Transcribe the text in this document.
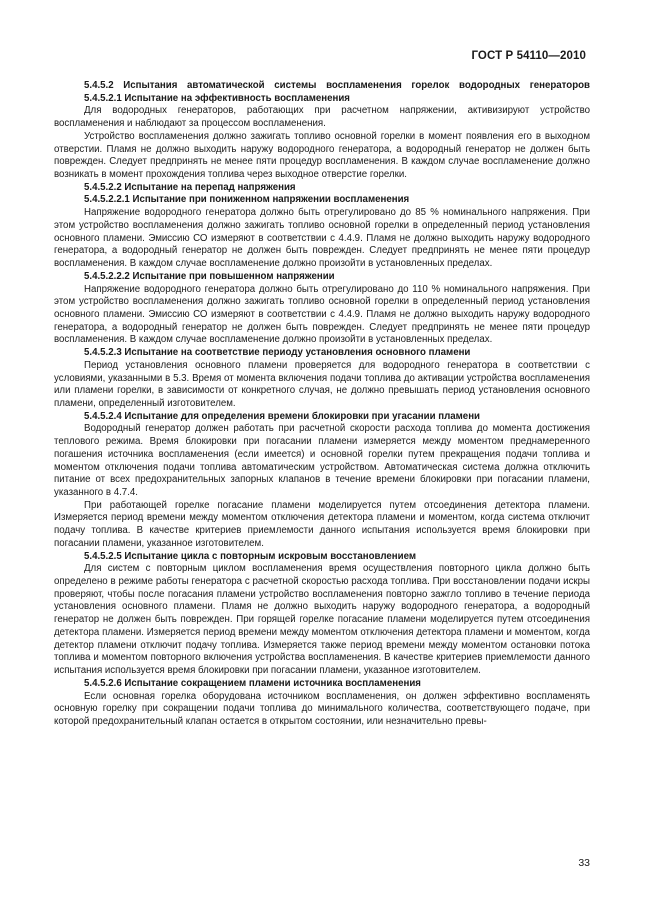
ГОСТ Р 54110—2010

5.4.5.2 Испытания автоматической системы воспламенения горелок водородных генераторов

5.4.5.2.1 Испытание на эффективность воспламенения

Для водородных генераторов, работающих при расчетном напряжении, активизируют устройство воспламенения и наблюдают за процессом воспламенения.

Устройство воспламенения должно зажигать топливо основной горелки в момент появления его в выходном отверстии. Пламя не должно выходить наружу водородного генератора, а водородный генератор не должен быть поврежден. Следует предпринять не менее пяти процедур воспламенения. В каждом случае воспламенение должно возникать в момент прохождения топлива через выходное отверстие горелки.

5.4.5.2.2 Испытание на перепад напряжения

5.4.5.2.2.1 Испытание при пониженном напряжении воспламенения

Напряжение водородного генератора должно быть отрегулировано до 85 % номинального напряжения. При этом устройство воспламенения должно зажигать топливо основной горелки в определенный период установления основного пламени. Эмиссию СО измеряют в соответствии с 4.4.9. Пламя не должно выходить наружу водородного генератора, а водородный генератор не должен быть поврежден. Следует предпринять не менее пяти процедур воспламенения. В каждом случае воспламенение должно произойти в установленных пределах.

5.4.5.2.2.2 Испытание при повышенном напряжении

Напряжение водородного генератора должно быть отрегулировано до 110 % номинального напряжения. При этом устройство воспламенения должно зажигать топливо основной горелки в определенный период установления основного пламени. Эмиссию СО измеряют в соответствии с 4.4.9. Пламя не должно выходить наружу водородного генератора, а водородный генератор не должен быть поврежден. Следует предпринять не менее пяти процедур воспламенения. В каждом случае воспламенение должно произойти в установленных пределах.

5.4.5.2.3 Испытание на соответствие периоду установления основного пламени

Период установления основного пламени проверяется для водородного генератора в соответствии с условиями, указанными в 5.3. Время от момента включения подачи топлива до активации устройства воспламенения или пламени горелки, в зависимости от конкретного случая, не должно превышать период установления основного пламени, определенный изготовителем.

5.4.5.2.4 Испытание для определения времени блокировки при угасании пламени

Водородный генератор должен работать при расчетной скорости расхода топлива до момента достижения теплового режима. Время блокировки при погасании пламени измеряется между моментом преднамеренного погашения источника воспламенения (если имеется) и основной горелки путем прекращения подачи топлива и моментом отключения подачи топлива автоматическим устройством. Автоматическая система должна отключить питание от всех предохранительных запорных клапанов в течение времени блокировки при погасании пламени, указанного в 4.7.4.

При работающей горелке погасание пламени моделируется путем отсоединения детектора пламени. Измеряется период времени между моментом отключения детектора пламени и моментом, когда система отключит подачу топлива. В качестве критериев приемлемости данного испытания используется время блокировки при погасании пламени, указанное изготовителем.

5.4.5.2.5 Испытание цикла с повторным искровым восстановлением

Для систем с повторным циклом воспламенения время осуществления повторного цикла должно быть определено в режиме работы генератора с расчетной скоростью расхода топлива. При восстановлении подачи искры проверяют, чтобы после погасания пламени устройство воспламенения повторно зажгло топливо в течение периода установления основного пламени. Пламя не должно выходить наружу водородного генератора, а водородный генератор не должен быть поврежден. При горящей горелке погасание пламени моделируется путем отсоединения детектора пламени. Измеряется период времени между моментом отключения детектора пламени и моментом, когда детектор пламени отключит подачу топлива. Измеряется также период времени между моментом остановки потока топлива и моментом повторного включения устройства воспламенения. В качестве критериев приемлемости данного испытания используется время блокировки при погасании пламени, указанное изготовителем.

5.4.5.2.6 Испытание сокращением пламени источника воспламенения

Если основная горелка оборудована источником воспламенения, он должен эффективно воспламенять основную горелку при сокращении подачи топлива до минимального количества, соответствующего подаче, при которой предохранительный клапан остается в открытом состоянии, или незначительно превы-

33
